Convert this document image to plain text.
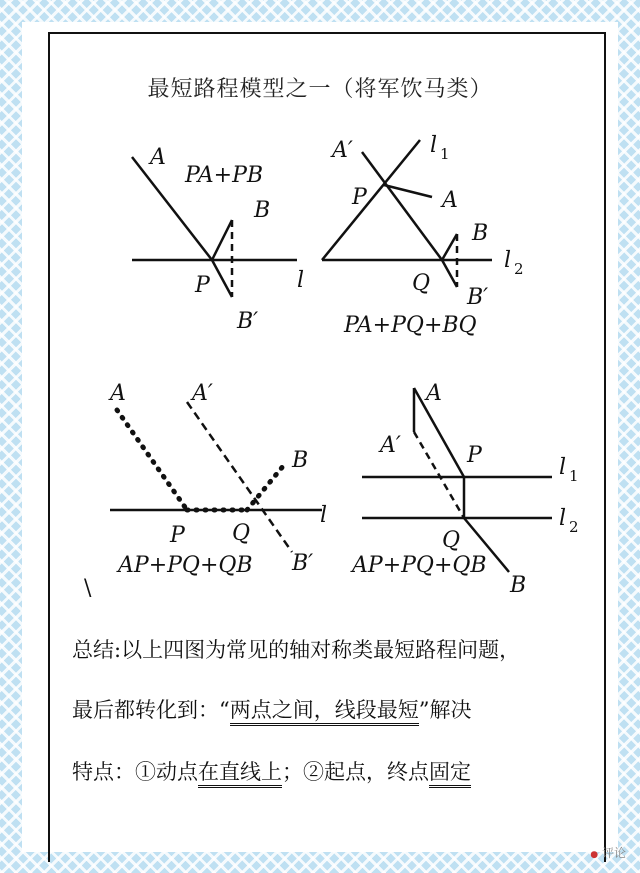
最短路程模型之一（将军饮马类）
A
PA+PB
B
P	l
B′
A′	l 1
P	A
B
l 2
Q
B′
PA+PQ+BQ
A	A′
B
P Q
l
AP+PQ+QB B′
\
A
A′	P	l 1
l 2
Q
AP+PQ+QB
B
总结:以上四图为常见的轴对称类最短路程问题，
最后都转化到：“两点之间，线段最短”解决
特点：①动点在直线上；②起点，终点固定
● 评论
